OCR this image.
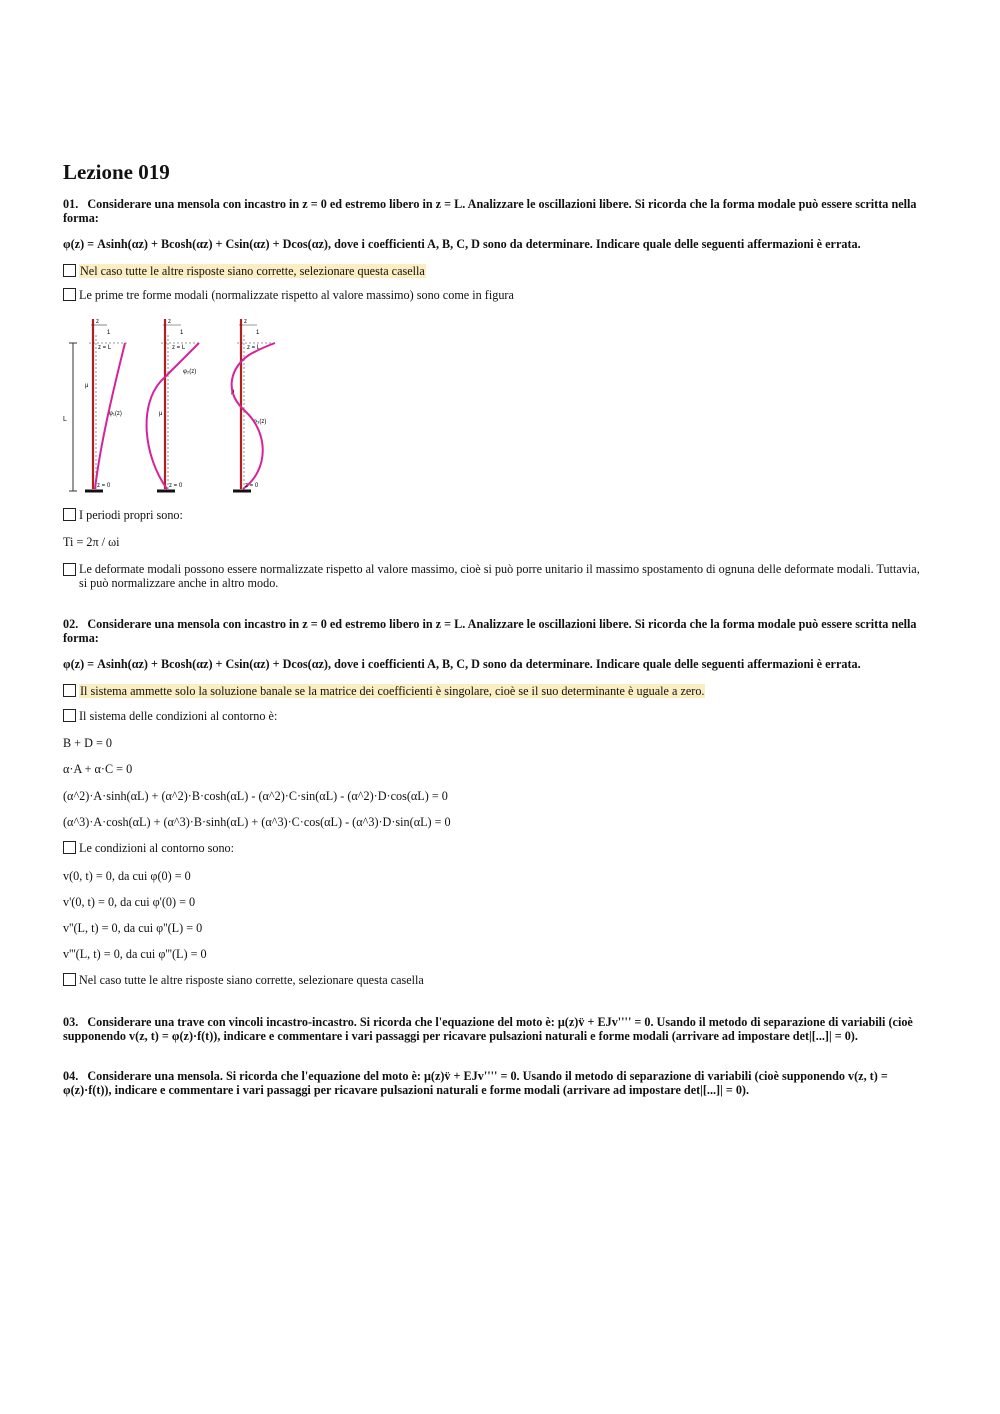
Lezione 019

01. Considerare una mensola con incastro in z = 0 ed estremo libero in z = L. Analizzare le oscillazioni libere. Si ricorda che la forma modale può essere scritta nella forma:

φ(z) = Asinh(αz) + Bcosh(αz) + Csin(αz) + Dcos(αz), dove i coefficienti A, B, C, D sono da determinare. Indicare quale delle seguenti affermazioni è errata.

Nel caso tutte le altre risposte siano corrette, selezionare questa casella
Le prime tre forme modali (normalizzate rispetto al valore massimo) sono come in figura
L
z
1
z = L
μ
φ₁(z)
z = 0
z
1
z = L
μ
φ₂(z)
z = 0
z
1
z = L
μ
φ₃(z)
z = 0
I periodi propri sono:
Ti = 2π / ωi
Le deformate modali possono essere normalizzate rispetto al valore massimo, cioè si può porre unitario il massimo spostamento di ognuna delle deformate modali. Tuttavia, si può normalizzare anche in altro modo.

02. Considerare una mensola con incastro in z = 0 ed estremo libero in z = L. Analizzare le oscillazioni libere. Si ricorda che la forma modale può essere scritta nella forma:

φ(z) = Asinh(αz) + Bcosh(αz) + Csin(αz) + Dcos(αz), dove i coefficienti A, B, C, D sono da determinare. Indicare quale delle seguenti affermazioni è errata.

Il sistema ammette solo la soluzione banale se la matrice dei coefficienti è singolare, cioè se il suo determinante è uguale a zero.
Il sistema delle condizioni al contorno è:
B + D = 0
α·A + α·C = 0
(α^2)·A·sinh(αL) + (α^2)·B·cosh(αL) - (α^2)·C·sin(αL) - (α^2)·D·cos(αL) = 0
(α^3)·A·cosh(αL) + (α^3)·B·sinh(αL) + (α^3)·C·cos(αL) - (α^3)·D·sin(αL) = 0
Le condizioni al contorno sono:
v(0, t) = 0, da cui φ(0) = 0
v'(0, t) = 0, da cui φ'(0) = 0
v''(L, t) = 0, da cui φ''(L) = 0
v'''(L, t) = 0, da cui φ'''(L) = 0
Nel caso tutte le altre risposte siano corrette, selezionare questa casella

03. Considerare una trave con vincoli incastro-incastro. Si ricorda che l'equazione del moto è: μ(z)v̈ + EJv'''' = 0. Usando il metodo di separazione di variabili (cioè supponendo v(z, t) = φ(z)·f(t)), indicare e commentare i vari passaggi per ricavare pulsazioni naturali e forme modali (arrivare ad impostare det|[...]| = 0).

04. Considerare una mensola. Si ricorda che l'equazione del moto è: μ(z)v̈ + EJv'''' = 0. Usando il metodo di separazione di variabili (cioè supponendo v(z, t) = φ(z)·f(t)), indicare e commentare i vari passaggi per ricavare pulsazioni naturali e forme modali (arrivare ad impostare det|[...]| = 0).
